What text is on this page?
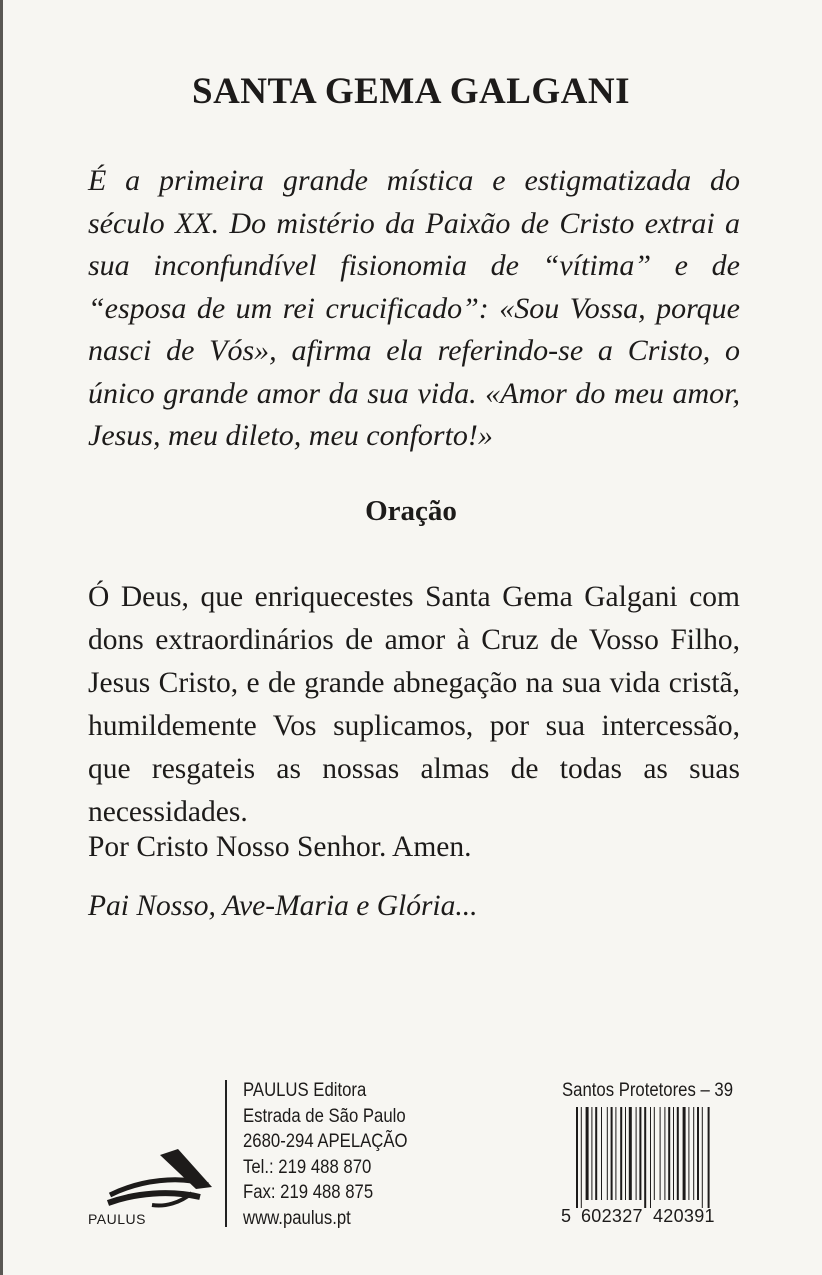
SANTA GEMA GALGANI

É a primeira grande mística e estigmatizada do século XX. Do mistério da Paixão de Cristo extrai a sua inconfundível fisionomia de “vítima” e de “esposa de um rei crucificado”: «Sou Vossa, porque nasci de Vós», afirma ela referindo-se a Cristo, o único grande amor da sua vida. «Amor do meu amor, Jesus, meu dileto, meu conforto!»

Oração

Ó Deus, que enriquecestes Santa Gema Galgani com dons extraordinários de amor à Cruz de Vosso Filho, Jesus Cristo, e de grande abnegação na sua vida cristã, humildemente Vos suplicamos, por sua intercessão, que resgateis as nossas almas de todas as suas necessidades.

Por Cristo Nosso Senhor. Amen.

Pai Nosso, Ave-Maria e Glória...

PAULUS
PAULUS Editora
Estrada de São Paulo
2680-294 APELAÇÃO
Tel.: 219 488 870
Fax: 219 488 875
www.paulus.pt
Santos Protetores – 39
5 602327 420391
